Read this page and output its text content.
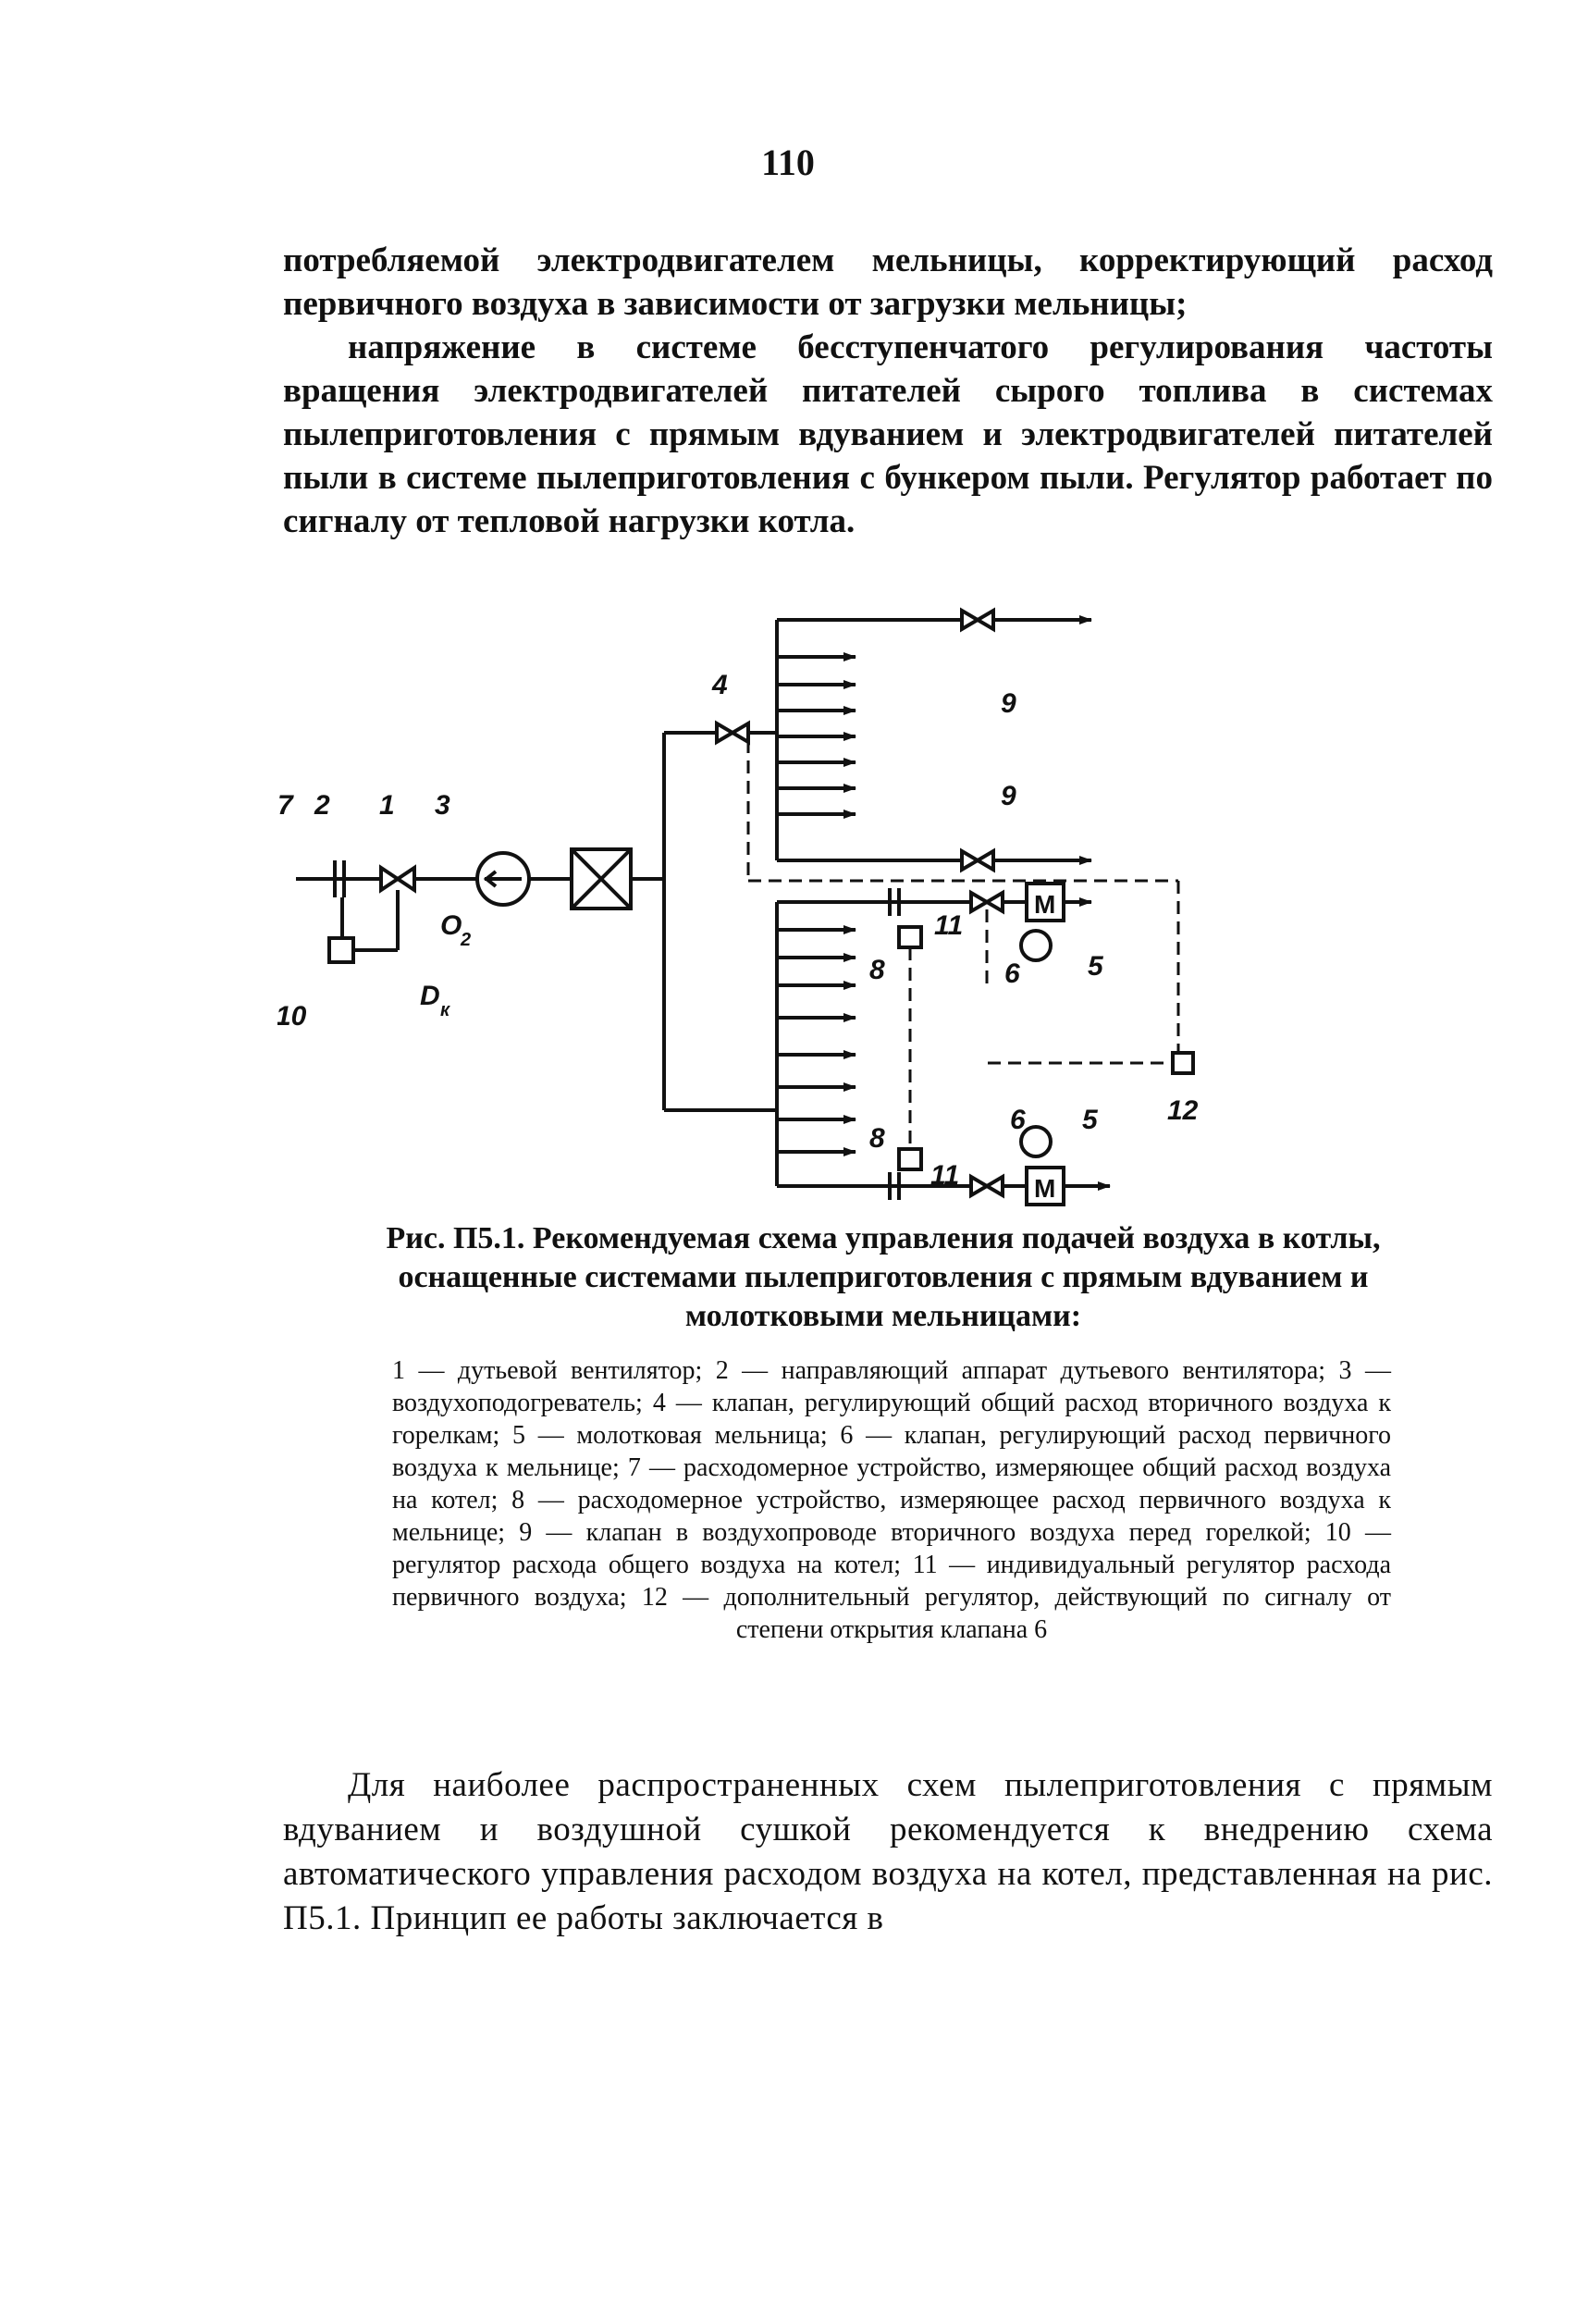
110

потребляемой электродвигателем мельницы, корректирующий расход первичного воздуха в зависимости от загрузки мельницы;

напряжение в системе бесступенчатого регулирования частоты вращения электродвигателей питателей сырого топлива в системах пылеприготовления с прямым вдуванием и электродвигателей питателей пыли в системе пылеприготовления с бункером пыли. Регулятор работает по сигналу от тепловой нагрузки котла.

7 2 1 3
4
9
9
10
O
2
D к
11
8	6 5
M
12
8
11
6 5
M

Рис. П5.1. Рекомендуемая схема управления подачей воздуха в котлы, оснащенные системами пылеприготовления с прямым вдуванием и молотковыми мельницами:

1 — дутьевой вентилятор; 2 — направляющий аппарат дутьевого вентилятора; 3 — воздухоподогреватель; 4 — клапан, регулирующий общий расход вторичного воздуха к горелкам; 5 — молотковая мельница; 6 — клапан, регулирующий расход первичного воздуха к мельнице; 7 — расходомерное устройство, измеряющее общий расход воздуха на котел; 8 — расходомерное устройство, измеряющее расход первичного воздуха к мельнице; 9 — клапан в воздухопроводе вторичного воздуха перед горелкой; 10 — регулятор расхода общего воздуха на котел; 11 — индивидуальный регулятор расхода первичного воздуха; 12 — дополнительный регулятор, действующий по сигналу от степени открытия клапана 6

Для наиболее распространенных схем пылеприготовления с прямым вдуванием и воздушной сушкой рекомендуется к внедрению схема автоматического управления расходом воздуха на котел, представленная на рис. П5.1. Принцип ее работы заключается в
